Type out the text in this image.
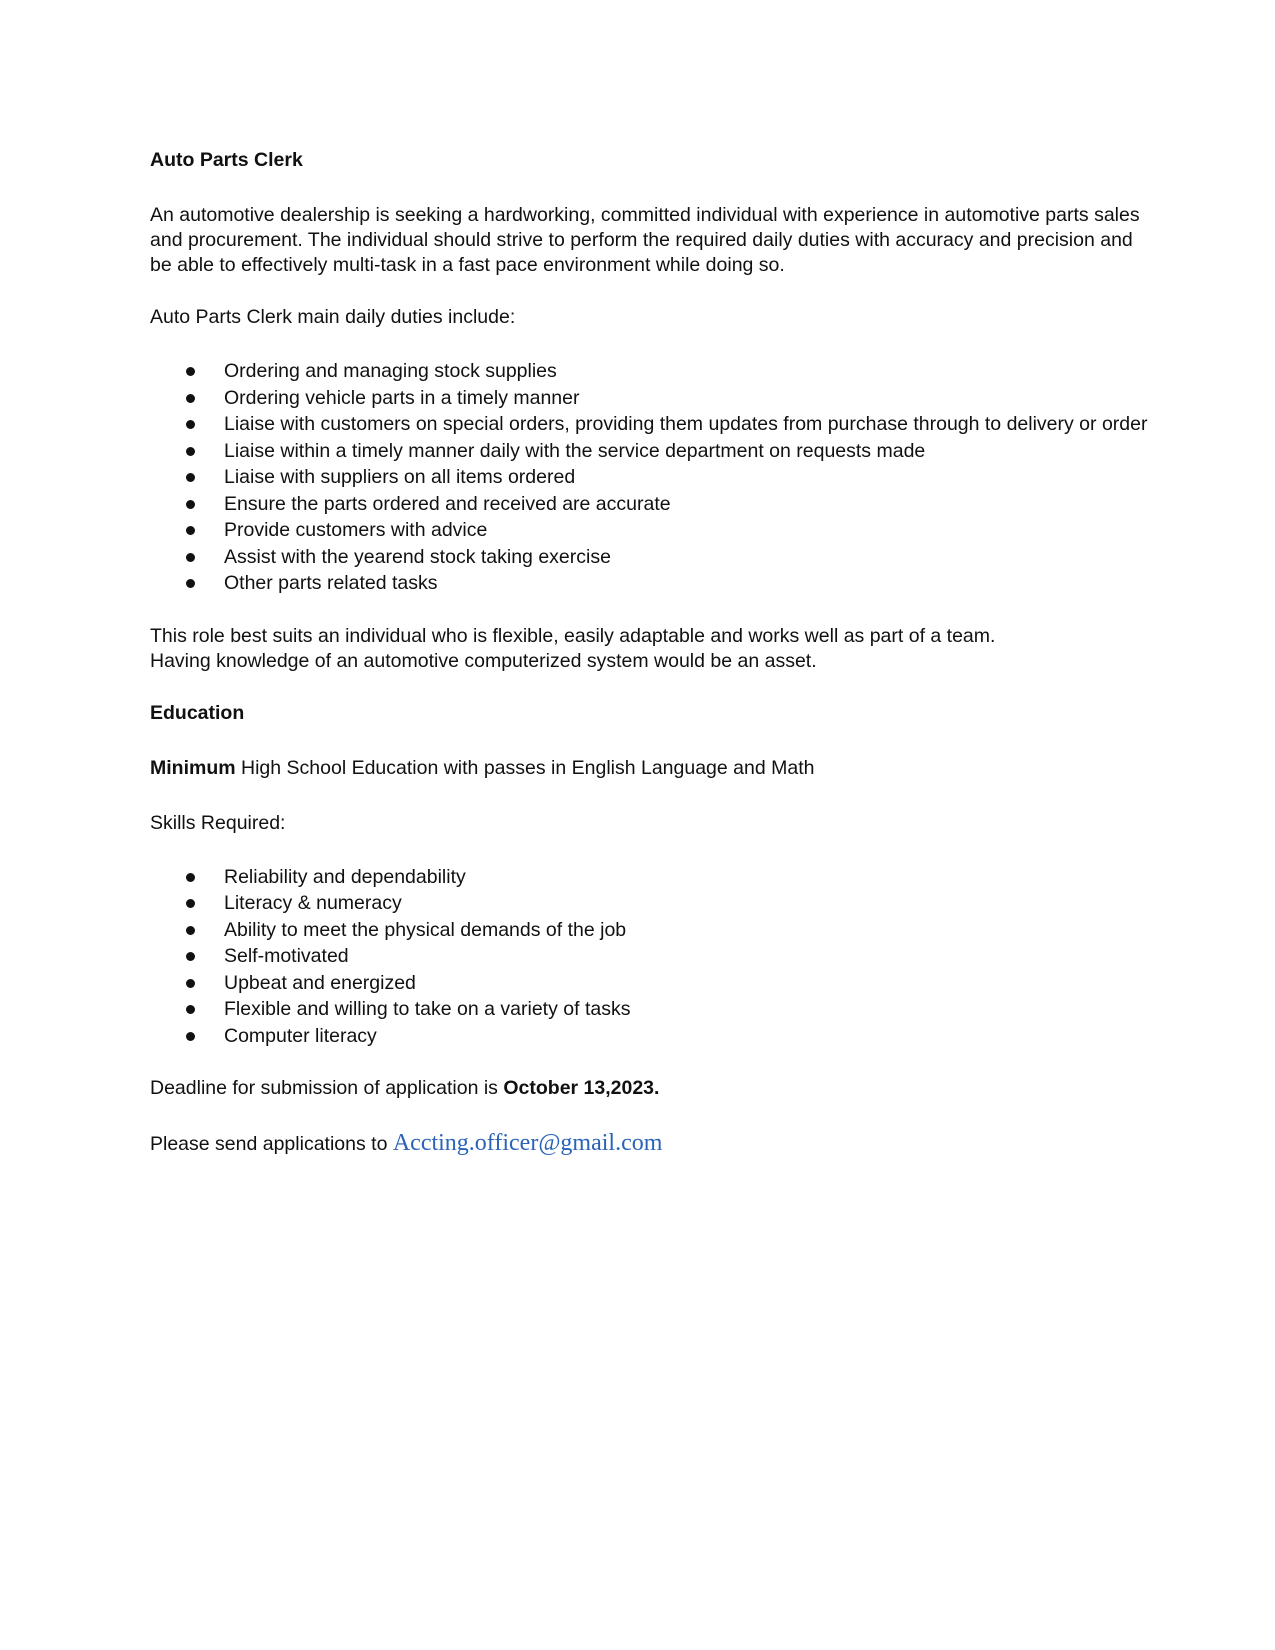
Auto Parts Clerk

An automotive dealership is seeking a hardworking, committed individual with experience in automotive parts sales and procurement. The individual should strive to perform the required daily duties with accuracy and precision and be able to effectively multi-task in a fast pace environment while doing so.

Auto Parts Clerk main daily duties include:

Ordering and managing stock supplies
Ordering vehicle parts in a timely manner
Liaise with customers on special orders, providing them updates from purchase through to delivery or order
Liaise within a timely manner daily with the service department on requests made
Liaise with suppliers on all items ordered
Ensure the parts ordered and received are accurate
Provide customers with advice
Assist with the yearend stock taking exercise
Other parts related tasks

This role best suits an individual who is flexible, easily adaptable and works well as part of a team.

Having knowledge of an automotive computerized system would be an asset.

Education

Minimum High School Education with passes in English Language and Math

Skills Required:

Reliability and dependability
Literacy & numeracy
Ability to meet the physical demands of the job
Self-motivated
Upbeat and energized
Flexible and willing to take on a variety of tasks
Computer literacy

Deadline for submission of application is October 13,2023.

Please send applications to Accting.officer@gmail.com
